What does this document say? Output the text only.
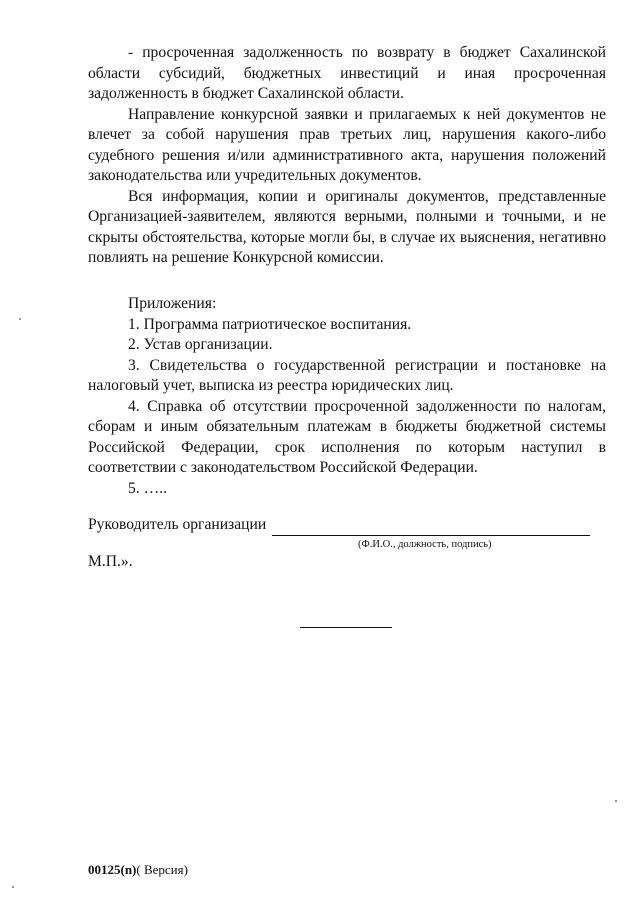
- просроченная задолженность по возврату в бюджет Сахалинской области субсидий, бюджетных инвестиций и иная просроченная задолженность в бюджет Сахалинской области.

Направление конкурсной заявки и прилагаемых к ней документов не влечет за собой нарушения прав третьих лиц, нарушения какого-либо судебного решения и/или административного акта, нарушения положений законодательства или учредительных документов.

Вся информация, копии и оригиналы документов, представленные Организацией-заявителем, являются верными, полными и точными, и не скрыты обстоятельства, которые могли бы, в случае их выяснения, негативно повлиять на решение Конкурсной комиссии.

Приложения:

1. Программа патриотическое воспитания.

2. Устав организации.

3. Свидетельства о государственной регистрации и постановке на налоговый учет, выписка из реестра юридических лиц.

4. Справка об отсутствии просроченной задолженности по налогам, сборам и иным обязательным платежам в бюджеты бюджетной системы Российской Федерации, срок исполнения по которым наступил в соответствии с законодательством Российской Федерации.

5. …..

Руководитель организации
(Ф.И.О., должность, подпись)
М.П.».
00125(n)( Версия)
